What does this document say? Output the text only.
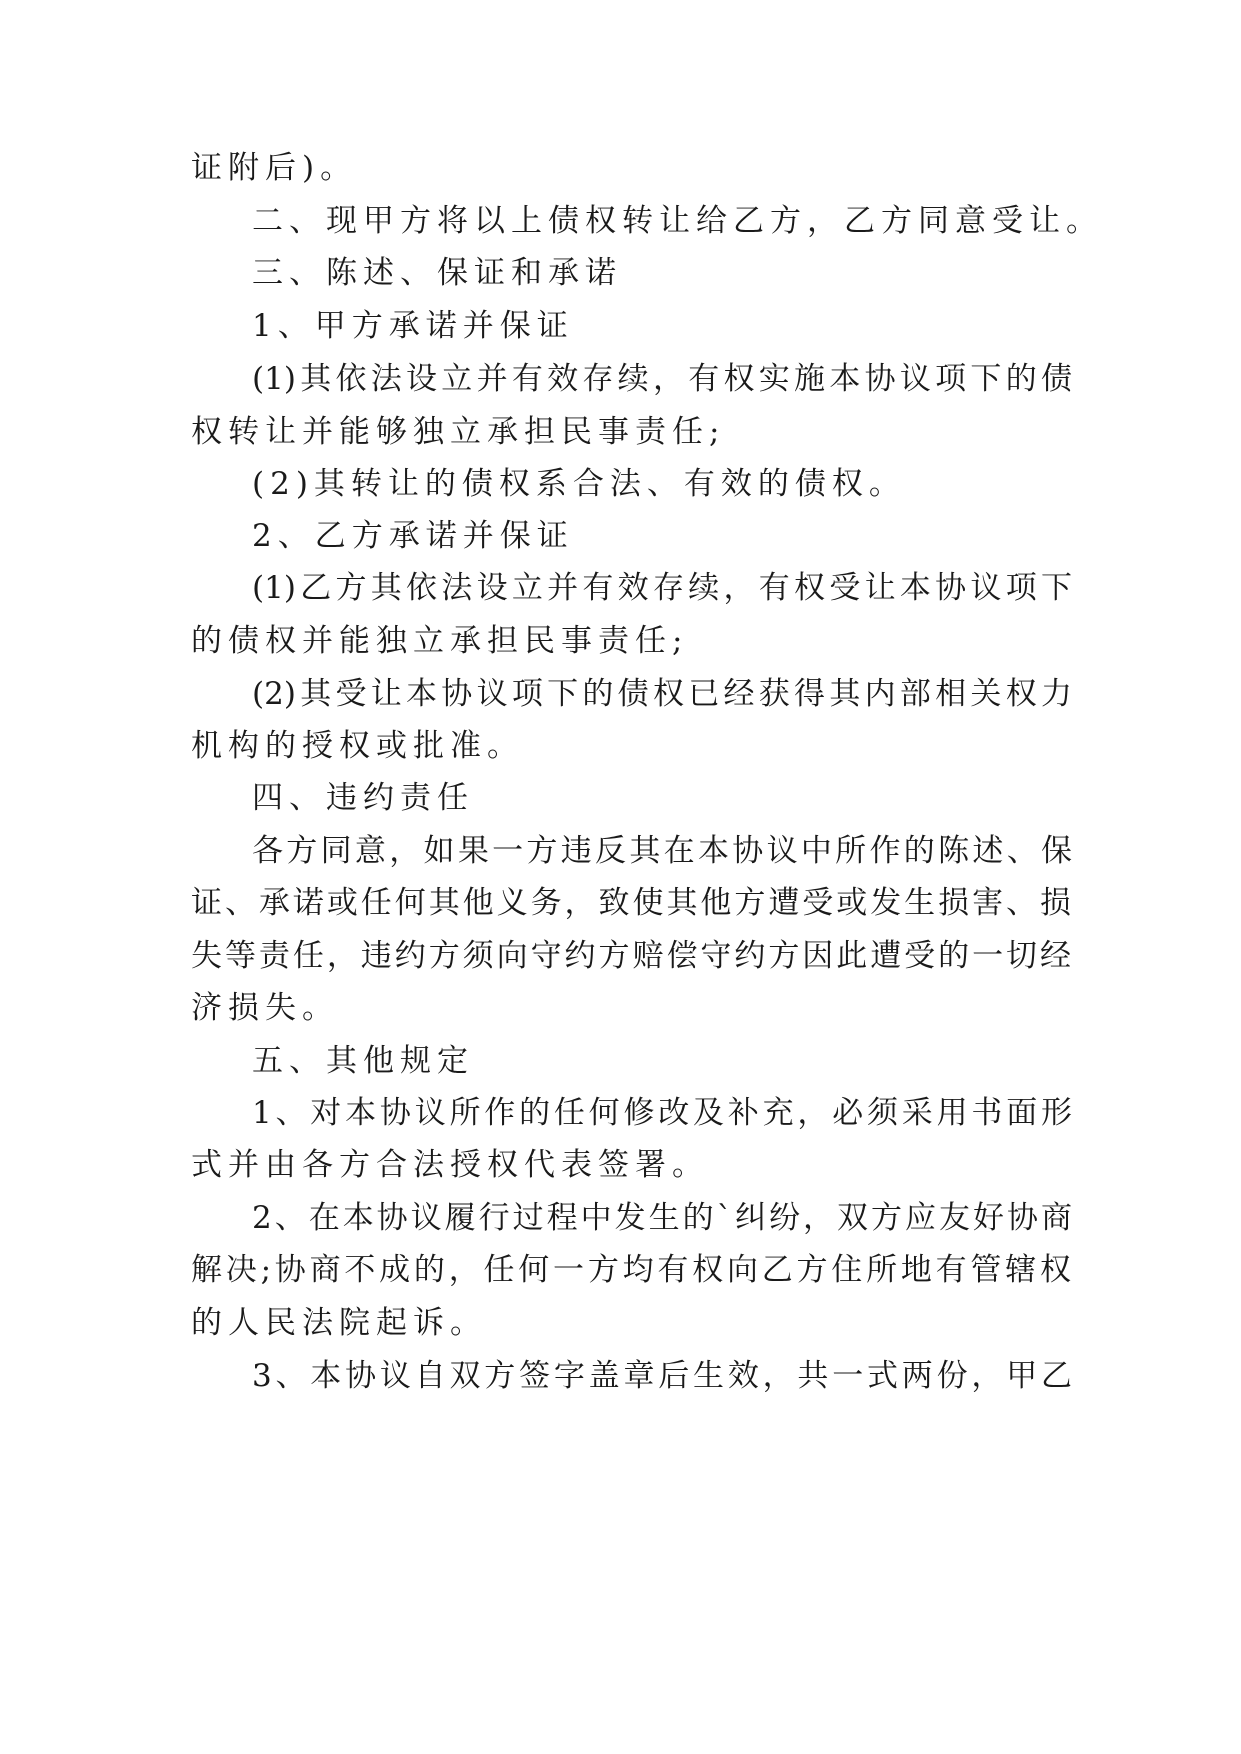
证附后)。
二、现甲方将以上债权转让给乙方，乙方同意受让。
三、陈述、保证和承诺
1、甲方承诺并保证
(1)其依法设立并有效存续，有权实施本协议项下的债
权转让并能够独立承担民事责任;
(2)其转让的债权系合法、有效的债权。
2、乙方承诺并保证
(1)乙方其依法设立并有效存续，有权受让本协议项下
的债权并能独立承担民事责任;
(2)其受让本协议项下的债权已经获得其内部相关权力
机构的授权或批准。
四、违约责任
各方同意，如果一方违反其在本协议中所作的陈述、保
证、承诺或任何其他义务，致使其他方遭受或发生损害、损
失等责任，违约方须向守约方赔偿守约方因此遭受的一切经
济损失。
五、其他规定
1、对本协议所作的任何修改及补充，必须采用书面形
式并由各方合法授权代表签署。
2、在本协议履行过程中发生的`纠纷，双方应友好协商
解决;协商不成的，任何一方均有权向乙方住所地有管辖权
的人民法院起诉。
3、本协议自双方签字盖章后生效，共一式两份，甲乙
